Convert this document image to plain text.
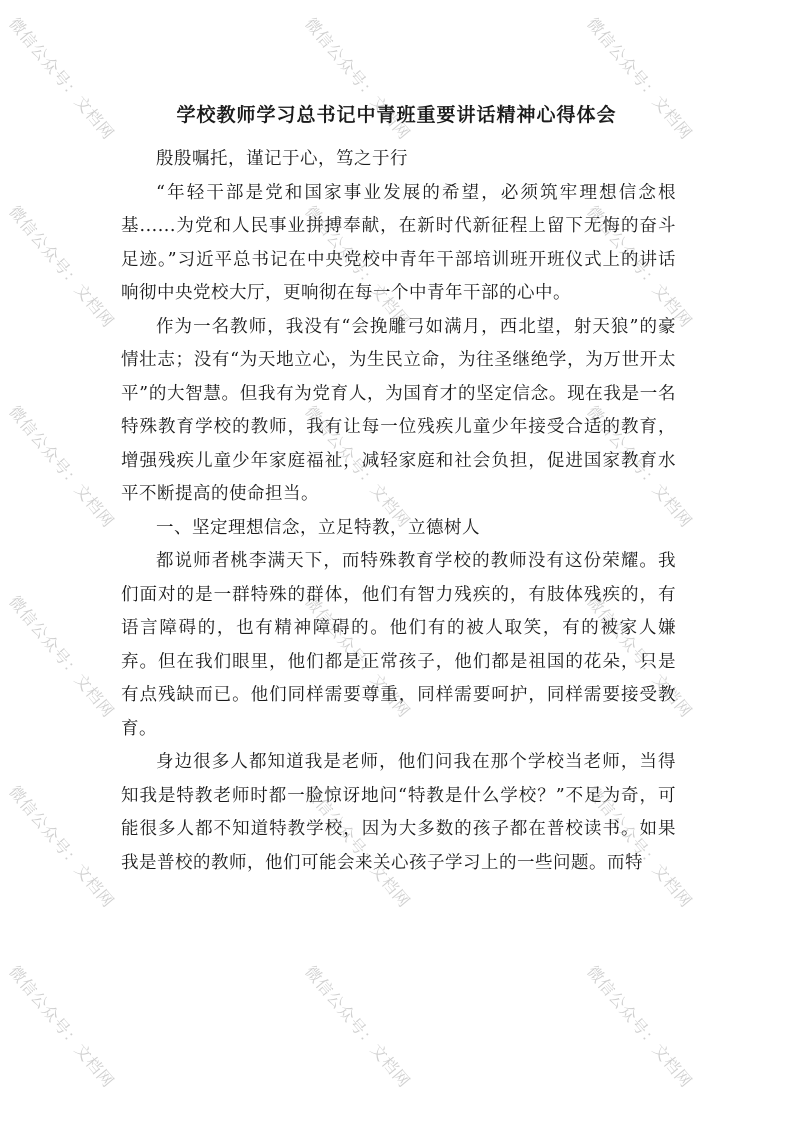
微信公众号：文档网	微信公众号：文档网	微信公众号：文档网
微信公众号：文档网	微信公众号：文档网	微信公众号：文档网
微信公众号：文档网	微信公众号：文档网	微信公众号：文档网
微信公众号：文档网	微信公众号：文档网	微信公众号：文档网
微信公众号：文档网	微信公众号：文档网	微信公众号：文档网
微信公众号：文档网	微信公众号：文档网	微信公众号：文档网
学校教师学习总书记中青班重要讲话精神心得体会

殷殷嘱托，谨记于心，笃之于行

“年轻干部是党和国家事业发展的希望，必须筑牢理想信念根基......为党和人民事业拼搏奉献，在新时代新征程上留下无悔的奋斗足迹。”习近平总书记在中央党校中青年干部培训班开班仪式上的讲话响彻中央党校大厅，更响彻在每一个中青年干部的心中。

作为一名教师，我没有“会挽雕弓如满月，西北望，射天狼”的豪情壮志；没有“为天地立心，为生民立命，为往圣继绝学，为万世开太平”的大智慧。但我有为党育人，为国育才的坚定信念。现在我是一名特殊教育学校的教师，我有让每一位残疾儿童少年接受合适的教育，增强残疾儿童少年家庭福祉，减轻家庭和社会负担，促进国家教育水平不断提高的使命担当。

一、坚定理想信念，立足特教，立德树人

都说师者桃李满天下，而特殊教育学校的教师没有这份荣耀。我们面对的是一群特殊的群体，他们有智力残疾的，有肢体残疾的，有语言障碍的，也有精神障碍的。他们有的被人取笑，有的被家人嫌弃。但在我们眼里，他们都是正常孩子，他们都是祖国的花朵，只是有点残缺而已。他们同样需要尊重，同样需要呵护，同样需要接受教育。

身边很多人都知道我是老师，他们问我在那个学校当老师，当得知我是特教老师时都一脸惊讶地问“特教是什么学校？”不足为奇，可能很多人都不知道特教学校，因为大多数的孩子都在普校读书。如果我是普校的教师，他们可能会来关心孩子学习上的一些问题。而特
